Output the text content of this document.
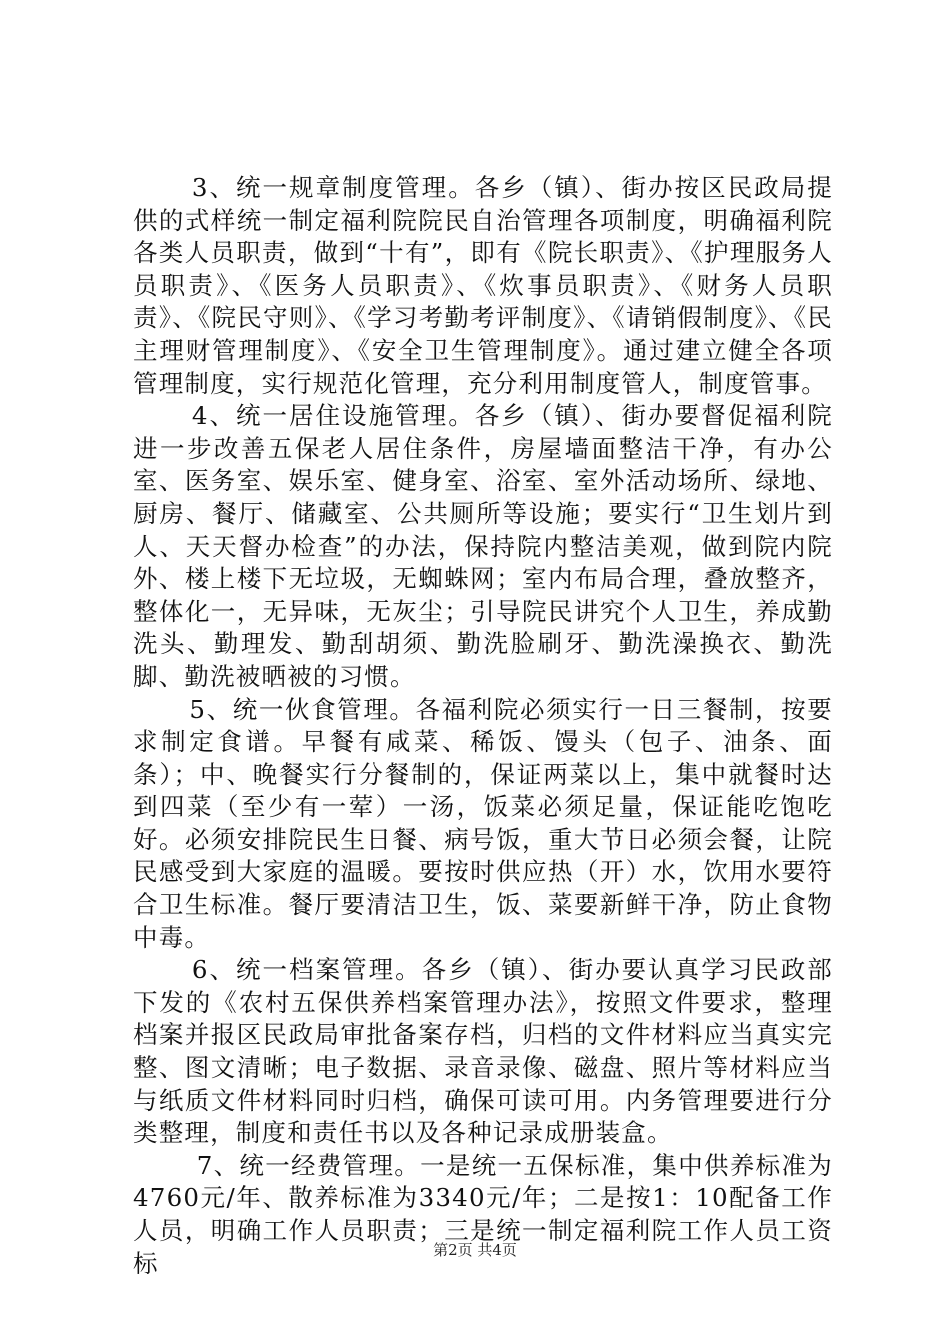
3、统一规章制度管理。各乡（镇）、街办按区民政局提供的式样统一制定福利院院民自治管理各项制度，明确福利院各类人员职责，做到“十有”，即有《院长职责》、《护理服务人员职责》、《医务人员职责》、《炊事员职责》、《财务人员职责》、《院民守则》、《学习考勤考评制度》、《请销假制度》、《民主理财管理制度》、《安全卫生管理制度》。通过建立健全各项管理制度，实行规范化管理，充分利用制度管人，制度管事。

4、统一居住设施管理。各乡（镇）、街办要督促福利院进一步改善五保老人居住条件，房屋墙面整洁干净，有办公室、医务室、娱乐室、健身室、浴室、室外活动场所、绿地、厨房、餐厅、储藏室、公共厕所等设施；要实行“卫生划片到人、天天督办检查”的办法，保持院内整洁美观，做到院内院外、楼上楼下无垃圾，无蜘蛛网；室内布局合理，叠放整齐，整体化一，无异味，无灰尘；引导院民讲究个人卫生，养成勤洗头、勤理发、勤刮胡须、勤洗脸刷牙、勤洗澡换衣、勤洗脚、勤洗被晒被的习惯。

5、统一伙食管理。各福利院必须实行一日三餐制，按要求制定食谱。早餐有咸菜、稀饭、馒头（包子、油条、面条）；中、晚餐实行分餐制的，保证两菜以上，集中就餐时达到四菜（至少有一荤）一汤，饭菜必须足量，保证能吃饱吃好。必须安排院民生日餐、病号饭，重大节日必须会餐，让院民感受到大家庭的温暖。要按时供应热（开）水，饮用水要符合卫生标准。餐厅要清洁卫生，饭、菜要新鲜干净，防止食物中毒。

6、统一档案管理。各乡（镇）、街办要认真学习民政部下发的《农村五保供养档案管理办法》，按照文件要求，整理档案并报区民政局审批备案存档，归档的文件材料应当真实完整、图文清晰；电子数据、录音录像、磁盘、照片等材料应当与纸质文件材料同时归档，确保可读可用。内务管理要进行分类整理，制度和责任书以及各种记录成册装盒。

7、统一经费管理。一是统一五保标准，集中供养标准为4760元/年、散养标准为3340元/年；二是按1：10配备工作人员，明确工作人员职责；三是统一制定福利院工作人员工资标	第2页 共4页
